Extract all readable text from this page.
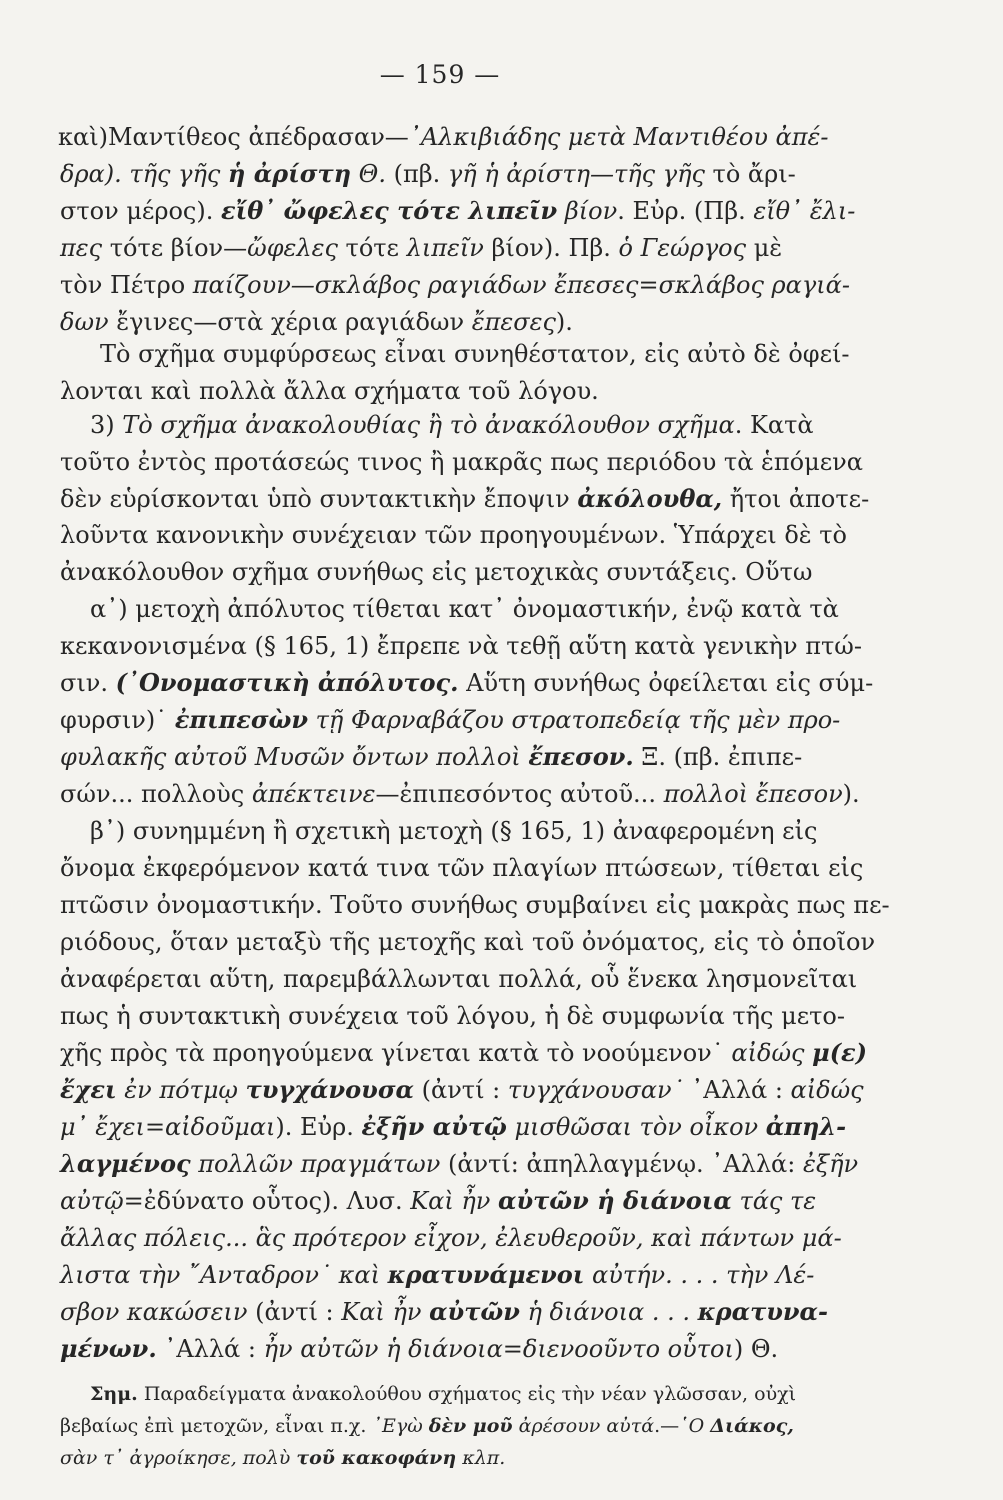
— 159 —

καὶ)Μαντίθεος ἀπέδρασαν—᾽Αλκιβιάδης μετὰ Μαντιθέου ἀπέ-

δρα). τῆς γῆς ἡ ἀρίστη Θ. (πβ. γῆ ἡ ἀρίστη—τῆς γῆς τὸ ἄρι-

στον μέρος). εἴθ᾽ ὤφελες τότε λιπεῖν βίον. Εὐρ. (Πβ. εἴθ᾽ ἔλι-

πες τότε βίον—ὤφελες τότε λιπεῖν βίον). Πβ. ὁ Γεώργος μὲ

τὸν Πέτρο παίζουν—σκλάβος ραγιάδων ἔπεσες=σκλάβος ραγιά-

δων ἔγινες—στὰ χέρια ραγιάδων ἔπεσες).

Τὸ σχῆμα συμφύρσεως εἶναι συνηθέστατον, εἰς αὐτὸ δὲ ὀφεί-

λονται καὶ πολλὰ ἄλλα σχήματα τοῦ λόγου.

3) Τὸ σχῆμα ἀνακολουθίας ἢ τὸ ἀνακόλουθον σχῆμα. Κατὰ

τοῦτο ἐντὸς προτάσεώς τινος ἢ μακρᾶς πως περιόδου τὰ ἑπόμενα

δὲν εὑρίσκονται ὑπὸ συντακτικὴν ἔποψιν ἀκόλουθα, ἤτοι ἀποτε-

λοῦντα κανονικὴν συνέχειαν τῶν προηγουμένων. Ὑπάρχει δὲ τὸ

ἀνακόλουθον σχῆμα συνήθως εἰς μετοχικὰς συντάξεις. Οὕτω

α᾽) μετοχὴ ἀπόλυτος τίθεται κατ᾽ ὀνομαστικήν, ἐνῷ κατὰ τὰ

κεκανονισμένα (§ 165, 1) ἔπρεπε νὰ τεθῇ αὕτη κατὰ γενικὴν πτώ-

σιν. (᾽Ονομαστικὴ ἀπόλυτος. Αὕτη συνήθως ὀφείλεται εἰς σύμ-

φυρσιν)˙ ἐπιπεσὼν τῇ Φαρναβάζου στρατοπεδείᾳ τῆς μὲν προ-

φυλακῆς αὐτοῦ Μυσῶν ὄντων πολλοὶ ἔπεσον. Ξ. (πβ. ἐπιπε-

σών... πολλοὺς ἀπέκτεινε—ἐπιπεσόντος αὐτοῦ... πολλοὶ ἔπεσον).

β᾽) συνημμένη ἢ σχετικὴ μετοχὴ (§ 165, 1) ἀναφερομένη εἰς

ὄνομα ἐκφερόμενον κατά τινα τῶν πλαγίων πτώσεων, τίθεται εἰς

πτῶσιν ὀνομαστικήν. Τοῦτο συνήθως συμβαίνει εἰς μακρὰς πως πε-

ριόδους, ὅταν μεταξὺ τῆς μετοχῆς καὶ τοῦ ὀνόματος, εἰς τὸ ὁποῖον

ἀναφέρεται αὕτη, παρεμβάλλωνται πολλά, οὗ ἕνεκα λησμονεῖται

πως ἡ συντακτικὴ συνέχεια τοῦ λόγου, ἡ δὲ συμφωνία τῆς μετο-

χῆς πρὸς τὰ προηγούμενα γίνεται κατὰ τὸ νοούμενον˙ αἰδώς μ(ε)

ἔχει ἐν πότμῳ τυγχάνουσα (ἀντί : τυγχάνουσαν˙ ᾽Αλλά : αἰδώς

μ᾽ ἔχει=αἰδοῦμαι). Εὐρ. ἐξῆν αὐτῷ μισθῶσαι τὸν οἶκον ἀπηλ-

λαγμένος πολλῶν πραγμάτων (ἀντί: ἀπηλλαγμένῳ. ᾽Αλλά: ἐξῆν

αὐτῷ=ἐδύνατο οὗτος). Λυσ. Καὶ ἦν αὐτῶν ἡ διάνοια τάς τε

ἄλλας πόλεις... ἃς πρότερον εἶχον, ἐλευθεροῦν, καὶ πάντων μά-

λιστα τὴν ῎Ανταδρον˙ καὶ κρατυνάμενοι αὐτήν. . . . τὴν Λέ-

σβον κακώσειν (ἀντί : Καὶ ἦν αὐτῶν ἡ διάνοια . . . κρατυνα-

μένων. ᾽Αλλά : ἦν αὐτῶν ἡ διάνοια=διενοοῦντο οὗτοι) Θ.

Σημ. Παραδείγματα ἀνακολούθου σχήματος εἰς τὴν νέαν γλῶσσαν, οὐχὶ

βεβαίως ἐπὶ μετοχῶν, εἶναι π.χ. ᾽Εγὼ δὲν μοῦ ἀρέσουν αὐτά.—῾Ο Διάκος,

σὰν τ᾽ ἀγροίκησε, πολὺ τοῦ κακοφάνη κλπ.
